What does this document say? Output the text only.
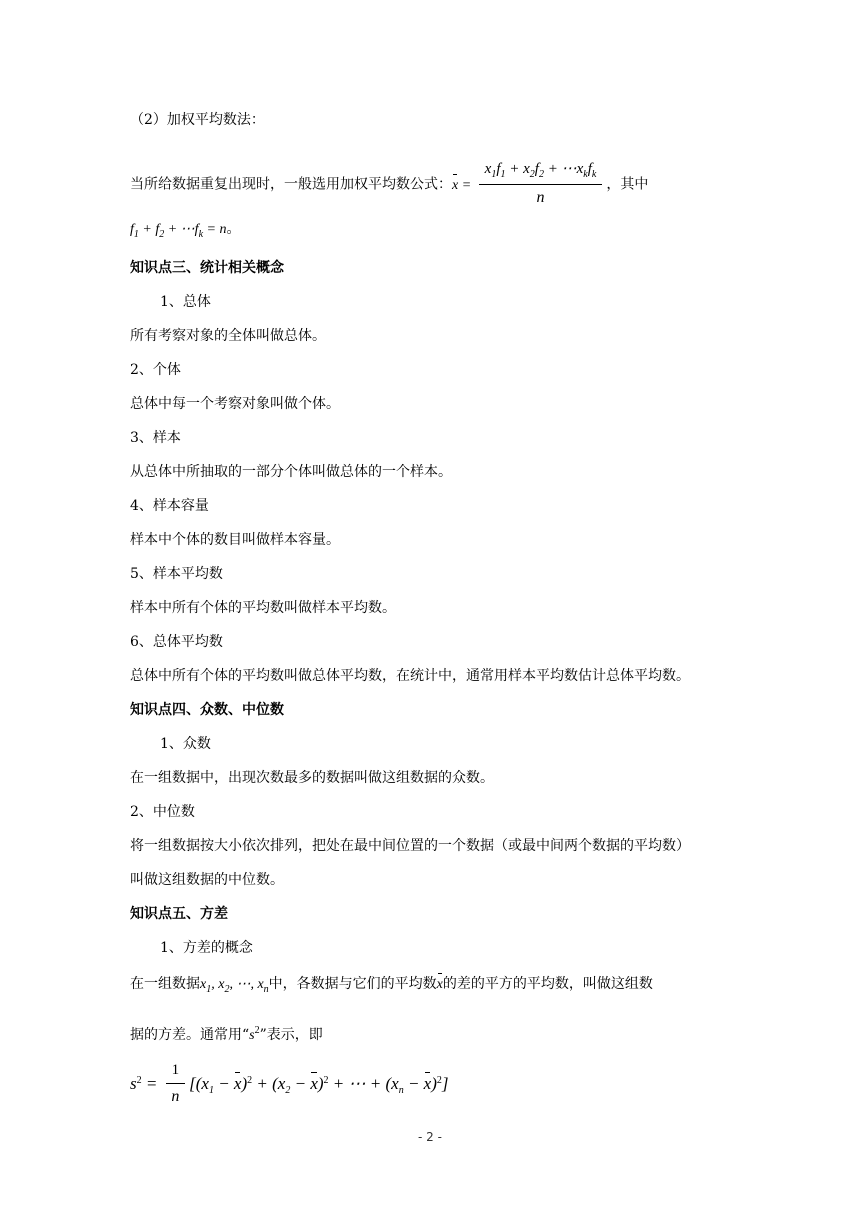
（2）加权平均数法：
当所给数据重复出现时，一般选用加权平均数公式：$x = \frac{x_1f_1 + x_2f_2 + \cdots x_kf_k}{n}$ ，其中
$f_1 + f_2$ + $\cdots f_k = n$。
知识点三、统计相关概念
1、总体
所有考察对象的全体叫做总体。
2、个体
总体中每一个考察对象叫做个体。
3、样本
从总体中所抽取的一部分个体叫做总体的一个样本。
4、样本容量
样本中个体的数目叫做样本容量。
5、样本平均数
样本中所有个体的平均数叫做样本平均数。
6、总体平均数
总体中所有个体的平均数叫做总体平均数，在统计中，通常用样本平均数估计总体平均数。
知识点四、众数、中位数
1、众数
在一组数据中，出现次数最多的数据叫做这组数据的众数。
2、中位数
将一组数据按大小依次排列，把处在最中间位置的一个数据（或最中间两个数据的平均数）
叫做这组数据的中位数。
知识点五、方差
1、方差的概念
在一组数据$x_1$, $x_2$, ⋯, $x_n$中，各数据与它们的平均数x的差的平方的平均数，叫做这组数
据的方差。通常用“$s^2$”表示，即
$s^2 = \frac{1}{n} [(x_1 - x)^2 + (x_2 - x)^2$ + ⋯ + $(x_n - x)^2$]
- 2 -
